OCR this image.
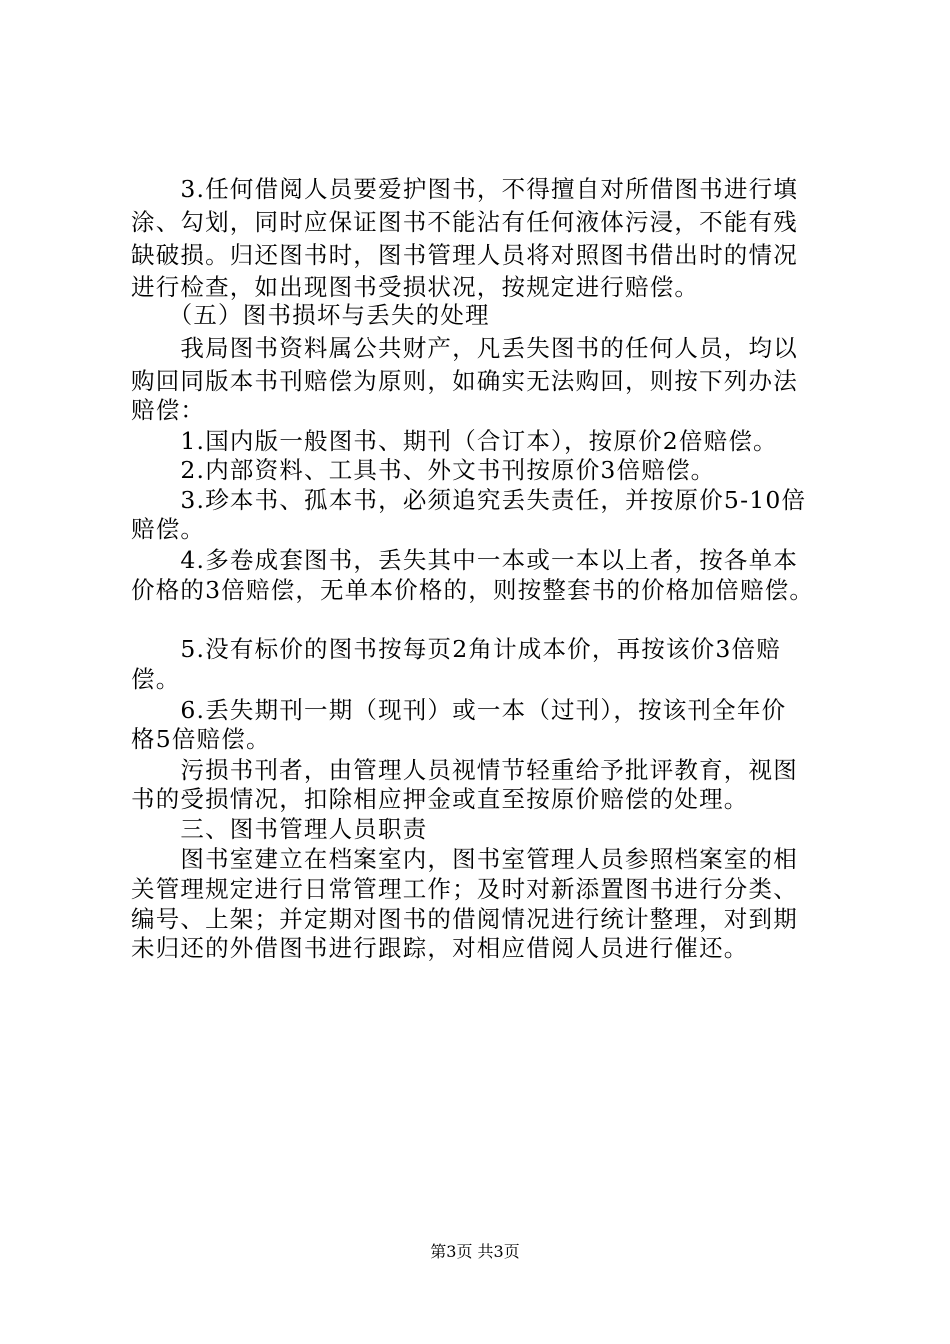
　　3.任何借阅人员要爱护图书，不得擅自对所借图书进行填
涂、勾划，同时应保证图书不能沾有任何液体污浸，不能有残
缺破损。归还图书时，图书管理人员将对照图书借出时的情况
进行检查，如出现图书受损状况，按规定进行赔偿。
　　（五）图书损坏与丢失的处理
　　我局图书资料属公共财产，凡丢失图书的任何人员，均以
购回同版本书刊赔偿为原则，如确实无法购回，则按下列办法
赔偿：
　　1.国内版一般图书、期刊（合订本），按原价2倍赔偿。
　　2.内部资料、工具书、外文书刊按原价3倍赔偿。
　　3.珍本书、孤本书，必须追究丢失责任，并按原价5-10倍
赔偿。
　　4.多卷成套图书，丢失其中一本或一本以上者，按各单本
价格的3倍赔偿，无单本价格的，则按整套书的价格加倍赔偿。
　　5.没有标价的图书按每页2角计成本价，再按该价3倍赔
偿。
　　6.丢失期刊一期（现刊）或一本（过刊），按该刊全年价
格5倍赔偿。
　　污损书刊者，由管理人员视情节轻重给予批评教育，视图
书的受损情况，扣除相应押金或直至按原价赔偿的处理。
　　三、图书管理人员职责
　　图书室建立在档案室内，图书室管理人员参照档案室的相
关管理规定进行日常管理工作；及时对新添置图书进行分类、
编号、上架；并定期对图书的借阅情况进行统计整理，对到期
未归还的外借图书进行跟踪，对相应借阅人员进行催还。
第3页 共3页
